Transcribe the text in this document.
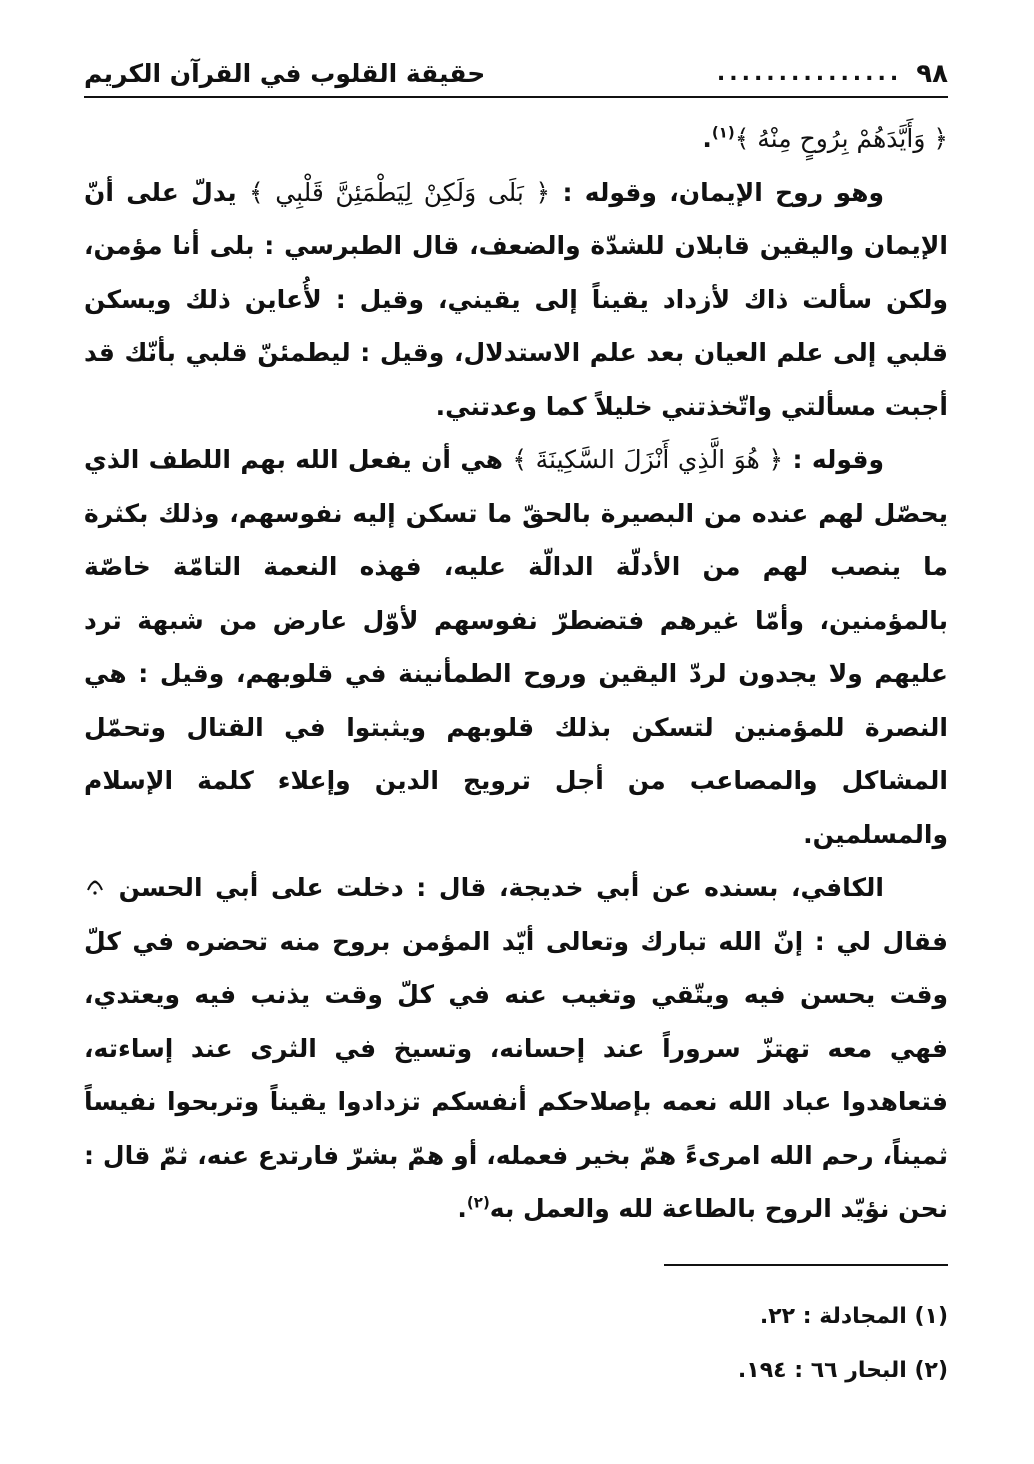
٩٨
...............
حقيقة القلوب في القرآن الكريم

﴿ وَأَيَّدَهُمْ بِرُوحٍ مِنْهُ ﴾$^{(١)}$.

وهو روح الإيمان، وقوله : ﴿ بَلَى وَلَكِنْ لِيَطْمَئِنَّ قَلْبِي ﴾ يدلّ على أنّ الإيمان واليقين قابلان للشدّة والضعف، قال الطبرسي : بلى أنا مؤمن، ولكن سألت ذاك لأزداد يقيناً إلى يقيني، وقيل : لأُعاين ذلك ويسكن قلبي إلى علم العيان بعد علم الاستدلال، وقيل : ليطمئنّ قلبي بأنّك قد أجبت مسألتي واتّخذتني خليلاً كما وعدتني.

وقوله : ﴿ هُوَ الَّذِي أَنْزَلَ السَّكِينَةَ ﴾ هي أن يفعل الله بهم اللطف الذي يحصّل لهم عنده من البصيرة بالحقّ ما تسكن إليه نفوسهم، وذلك بكثرة ما ينصب لهم من الأدلّة الدالّة عليه، فهذه النعمة التامّة خاصّة بالمؤمنين، وأمّا غيرهم فتضطرّ نفوسهم لأوّل عارض من شبهة ترد عليهم ولا يجدون لردّ اليقين وروح الطمأنينة في قلوبهم، وقيل : هي النصرة للمؤمنين لتسكن بذلك قلوبهم ويثبتوا في القتال وتحمّل المشاكل والمصاعب من أجل ترويج الدين وإعلاء كلمة الإسلام والمسلمين.

الكافي، بسنده عن أبي خديجة، قال : دخلت على أبي الحسن  فقال لي : إنّ الله تبارك وتعالى أيّد المؤمن بروح منه تحضره في كلّ وقت يحسن فيه ويتّقي وتغيب عنه في كلّ وقت يذنب فيه ويعتدي، فهي معه تهتزّ سروراً عند إحسانه، وتسيخ في الثرى عند إساءته، فتعاهدوا عباد الله نعمه بإصلاحكم أنفسكم تزدادوا يقيناً وتربحوا نفيساً ثميناً، رحم الله امرىءً همّ بخير فعمله، أو همّ بشرّ فارتدع عنه، ثمّ قال : نحن نؤيّد الروح بالطاعة لله والعمل به$^{(٢)}$.

(١) المجادلة : ٢٢.
(٢) البحار ٦٦ : ١٩٤.
